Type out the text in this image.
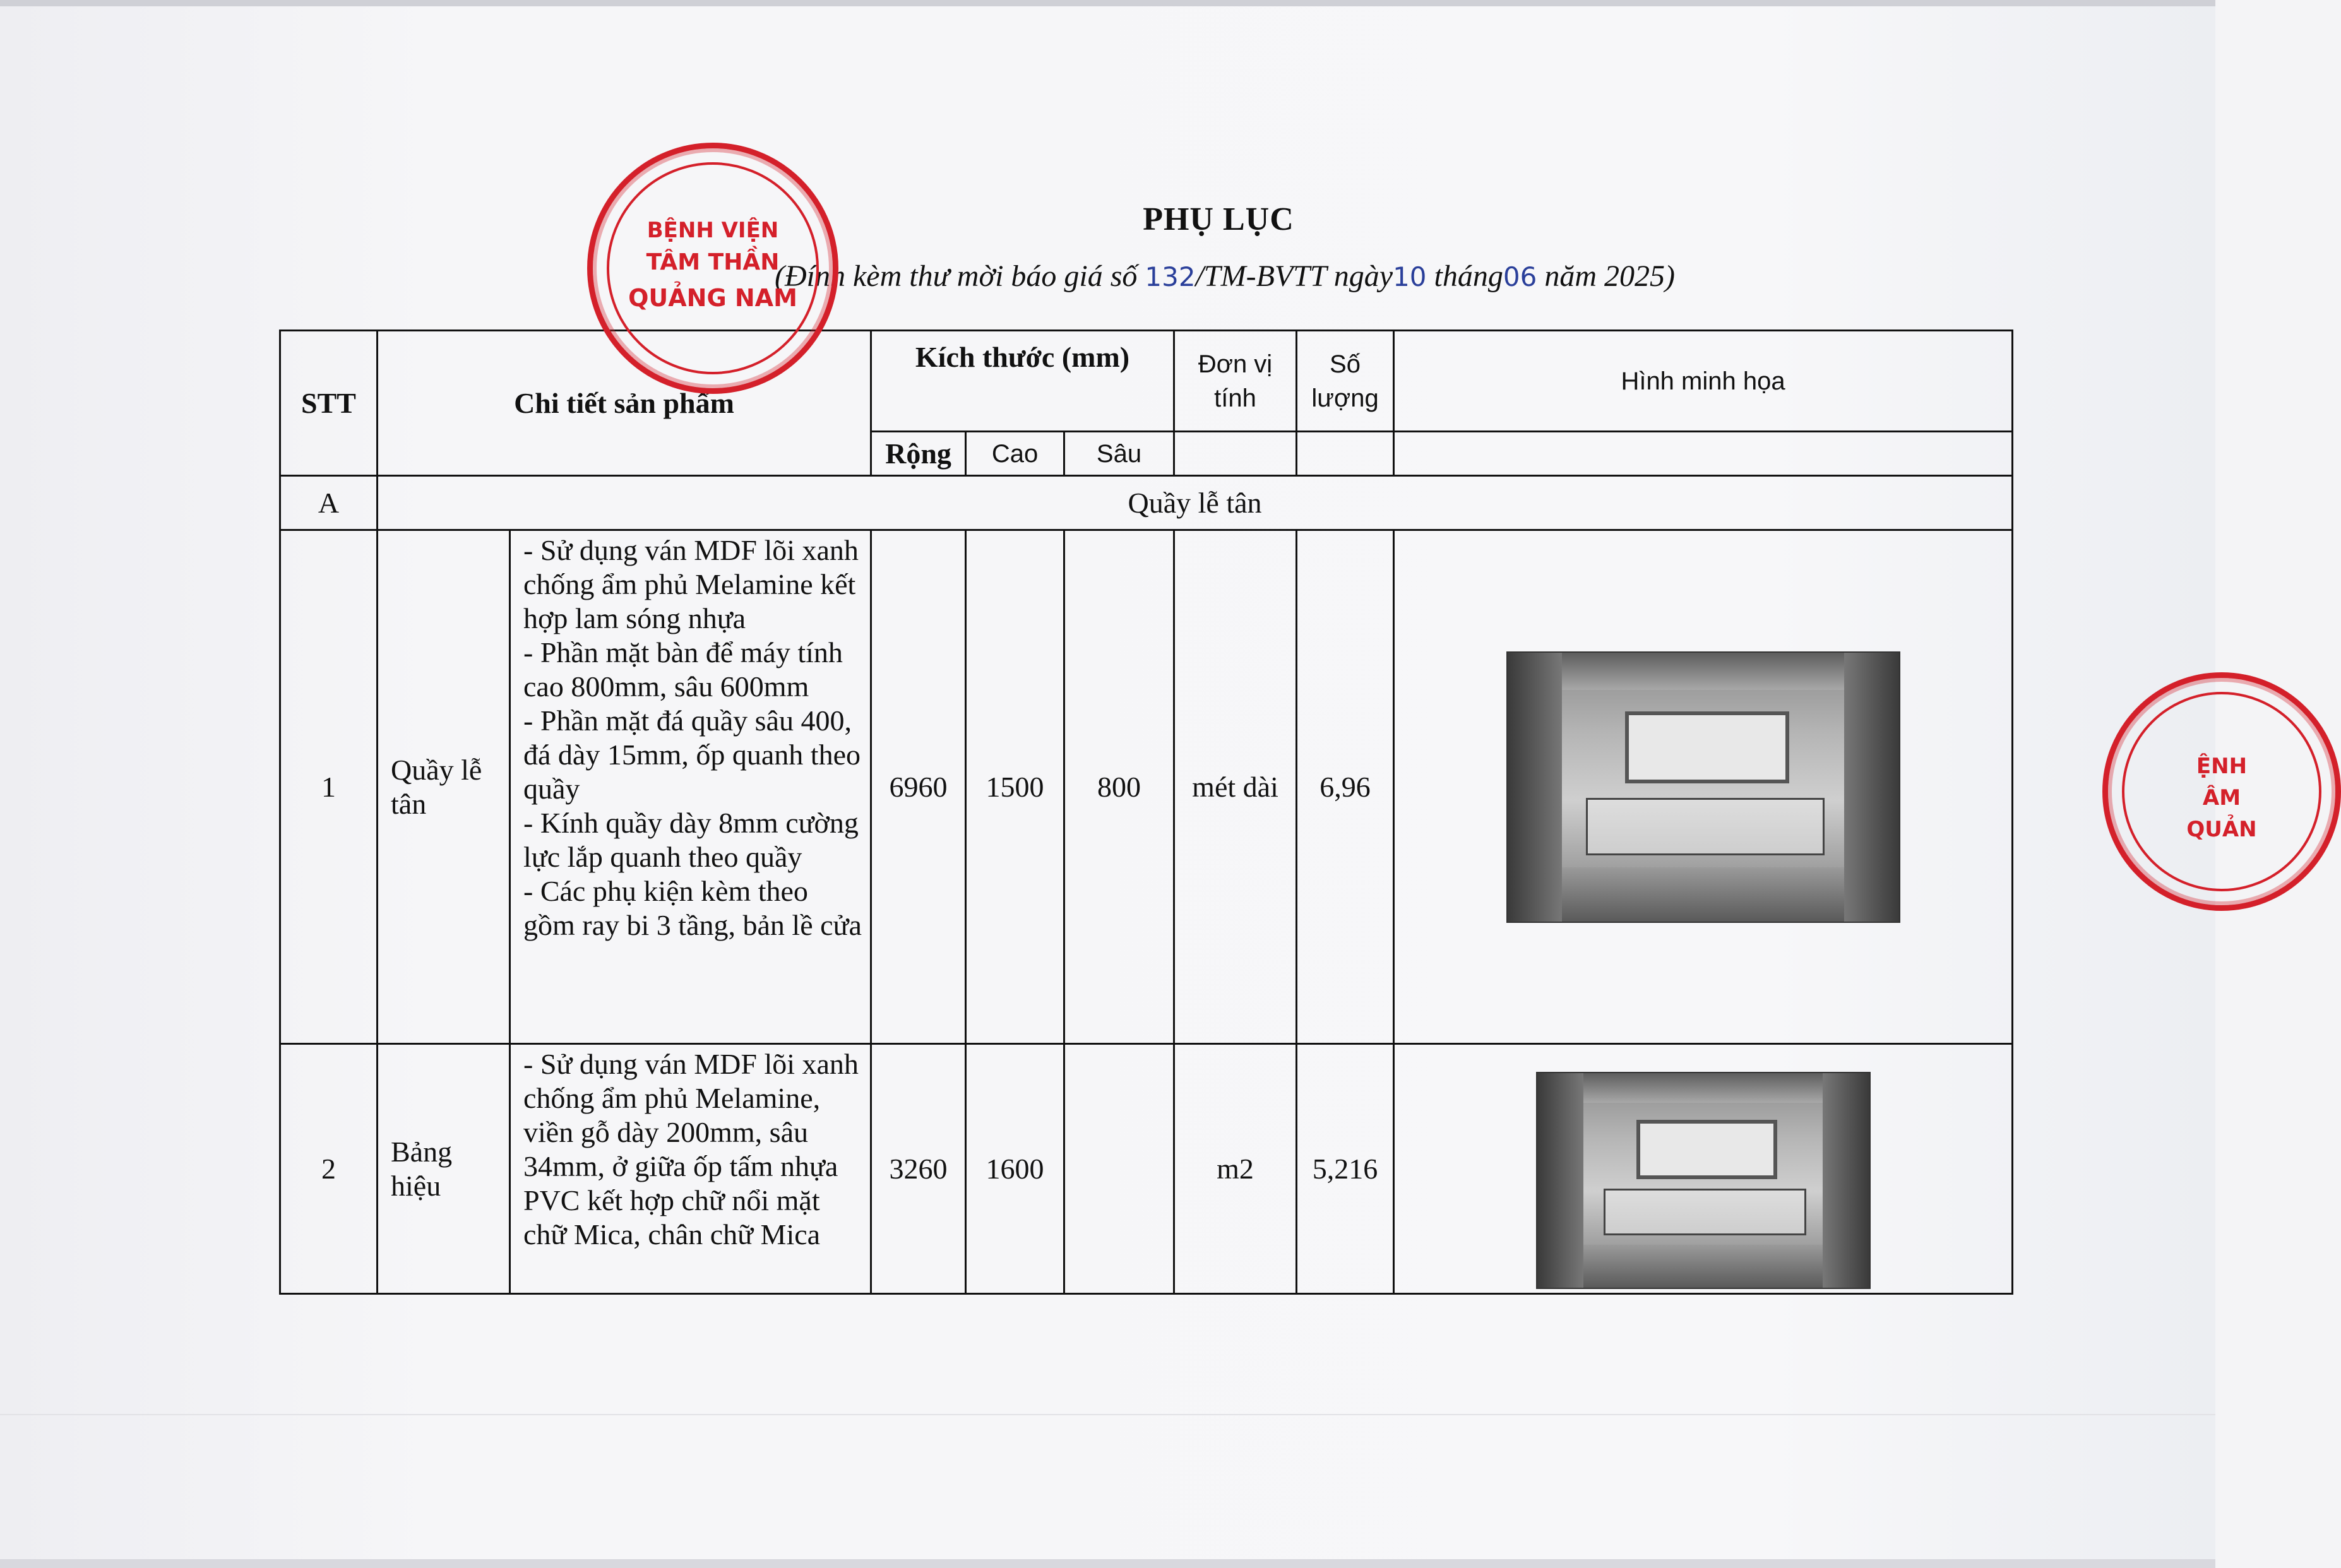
PHỤ LỤC
(Đính kèm thư mời báo giá số 132/TM-BVTT ngày10 tháng06 năm 2025)
STT	Chi tiết sản phẩm		Kích thước (mm)			Đơn vị tính	Số lượng	Hình minh họa
			Rộng	Cao	Sâu			
A	Quầy lễ tân							
1	Quầy lễ tân	- Sử dụng ván MDF lõi xanh chống ẩm phủ Melamine kết hợp lam sóng nhựa
- Phần mặt bàn để máy tính cao 800mm, sâu 600mm
- Phần mặt đá quầy sâu 400, đá dày 15mm, ốp quanh theo quầy
- Kính quầy dày 8mm cường lực lắp quanh theo quầy
- Các phụ kiện kèm theo gồm ray bi 3 tầng, bản lề cửa	6960	1500	800	mét dài	6,96	

2	Bảng hiệu	- Sử dụng ván MDF lõi xanh chống ẩm phủ Melamine, viền gỗ dày 200mm, sâu 34mm, ở giữa ốp tấm nhựa PVC kết hợp chữ nổi mặt chữ Mica, chân chữ Mica	3260	1600		m2	5,216	
BỆNH VIỆN
TÂM THẦN
QUẢNG NAM
ỆNH
ÂM
QUẢN
